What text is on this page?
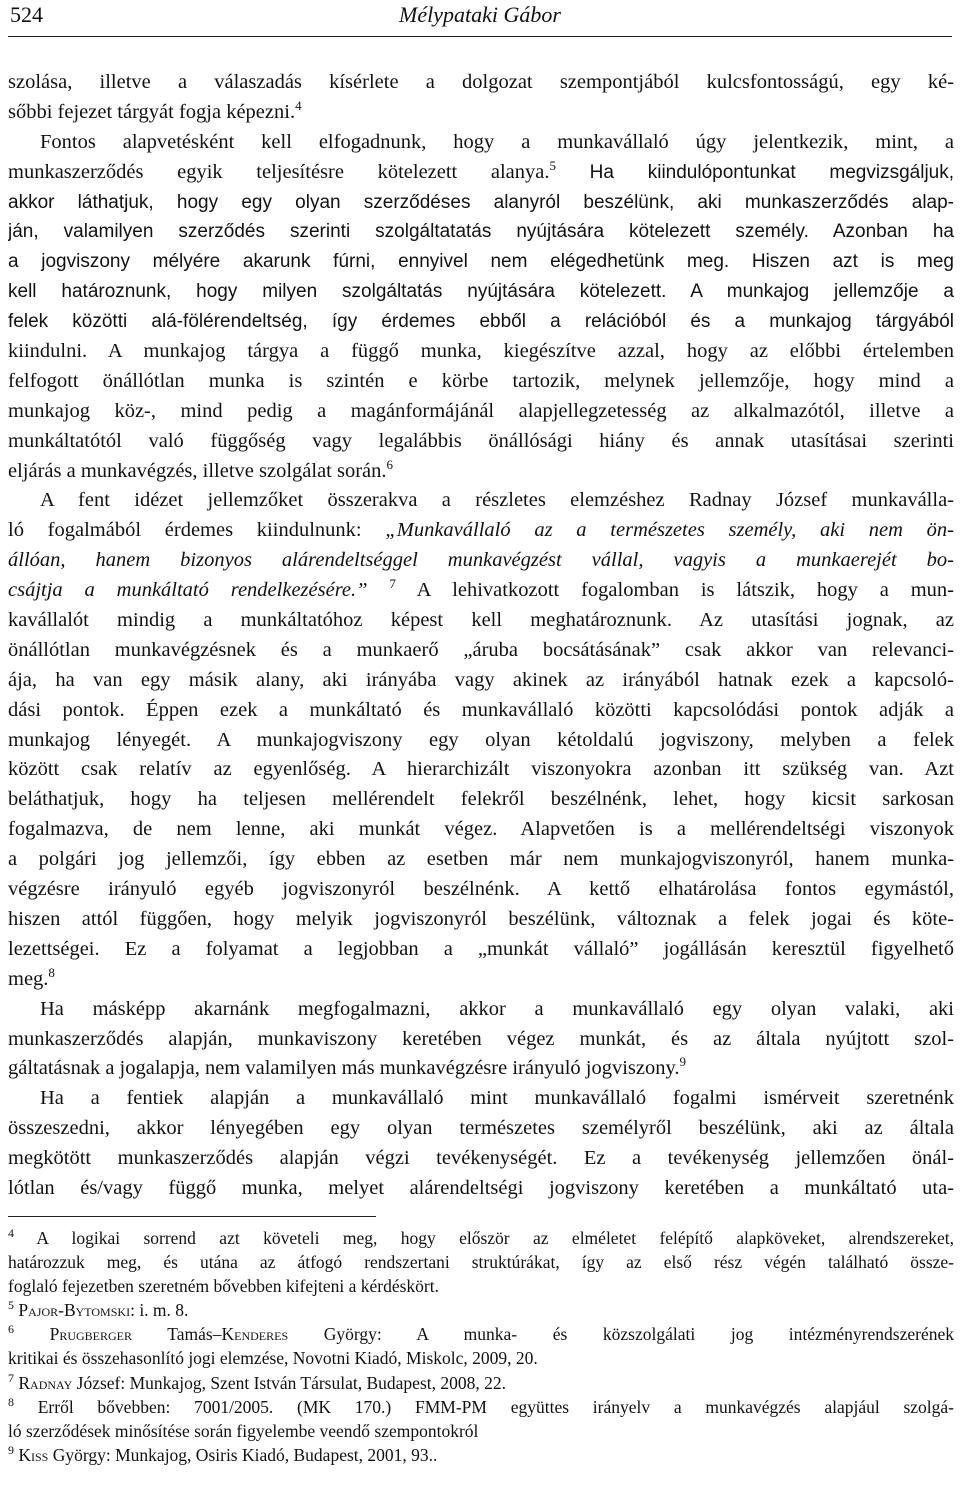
524	Mélypataki Gábor
szolása, illetve a válaszadás kísérlete a dolgozat szempontjából kulcsfontosságú, egy ké-
sőbbi fejezet tárgyát fogja képezni.$^4$
Fontos alapvetésként kell elfogadnunk, hogy a munkavállaló úgy jelentkezik, mint, a
munkaszerződés egyik teljesítésre kötelezett alanya.$^5$ Ha kiindulópontunkat megvizsgáljuk,
akkor láthatjuk, hogy egy olyan szerződéses alanyról beszélünk, aki munkaszerződés alap-
ján, valamilyen szerződés szerinti szolgáltatatás nyújtására kötelezett személy. Azonban ha
a jogviszony mélyére akarunk fúrni, ennyivel nem elégedhetünk meg. Hiszen azt is meg
kell határoznunk, hogy milyen szolgáltatás nyújtására kötelezett. A munkajog jellemzője a
felek közötti alá-fölérendeltség, így érdemes ebből a relációból és a munkajog tárgyából
kiindulni. A munkajog tárgya a függő munka, kiegészítve azzal, hogy az előbbi értelemben
felfogott önállótlan munka is szintén e körbe tartozik, melynek jellemzője, hogy mind a
munkajog köz-, mind pedig a magánformájánál alapjellegzetesség az alkalmazótól, illetve a
munkáltatótól való függőség vagy legalábbis önállósági hiány és annak utasításai szerinti
eljárás a munkavégzés, illetve szolgálat során.$^6$
A fent idézet jellemzőket összerakva a részletes elemzéshez Radnay József munkaválla-
ló fogalmából érdemes kiindulnunk: „Munkavállaló az a természetes személy, aki nem ön-
állóan, hanem bizonyos alárendeltséggel munkavégzést vállal, vagyis a munkaerejét bo-
csájtja a munkáltató rendelkezésére.” $^7$ A lehivatkozott fogalomban is látszik, hogy a mun-
kavállalót mindig a munkáltatóhoz képest kell meghatároznunk. Az utasítási jognak, az
önállótlan munkavégzésnek és a munkaerő „áruba bocsátásának” csak akkor van relevanci-
ája, ha van egy másik alany, aki irányába vagy akinek az irányából hatnak ezek a kapcsoló-
dási pontok. Éppen ezek a munkáltató és munkavállaló közötti kapcsolódási pontok adják a
munkajog lényegét. A munkajogviszony egy olyan kétoldalú jogviszony, melyben a felek
között csak relatív az egyenlőség. A hierarchizált viszonyokra azonban itt szükség van. Azt
beláthatjuk, hogy ha teljesen mellérendelt felekről beszélnénk, lehet, hogy kicsit sarkosan
fogalmazva, de nem lenne, aki munkát végez. Alapvetően is a mellérendeltségi viszonyok
a polgári jog jellemzői, így ebben az esetben már nem munkajogviszonyról, hanem munka-
végzésre irányuló egyéb jogviszonyról beszélnénk. A kettő elhatárolása fontos egymástól,
hiszen attól függően, hogy melyik jogviszonyról beszélünk, változnak a felek jogai és köte-
lezettségei. Ez a folyamat a legjobban a „munkát vállaló” jogállásán keresztül figyelhető
meg.$^8$
Ha másképp akarnánk megfogalmazni, akkor a munkavállaló egy olyan valaki, aki
munkaszerződés alapján, munkaviszony keretében végez munkát, és az általa nyújtott szol-
gáltatásnak a jogalapja, nem valamilyen más munkavégzésre irányuló jogviszony.$^9$
Ha a fentiek alapján a munkavállaló mint munkavállaló fogalmi ismérveit szeretnénk
összeszedni, akkor lényegében egy olyan természetes személyről beszélünk, aki az általa
megkötött munkaszerződés alapján végzi tevékenységét. Ez a tevékenység jellemzően önál-
lótlan és/vagy függő munka, melyet alárendeltségi jogviszony keretében a munkáltató uta-
$^4$ A logikai sorrend azt követeli meg, hogy először az elméletet felépítő alapköveket, alrendszereket,
határozzuk meg, és utána az átfogó rendszertani struktúrákat, így az első rész végén található össze-
foglaló fejezetben szeretném bővebben kifejteni a kérdéskört.
$^5$ Pajor-Bytomski: i. m. 8.
$^6$ Prugberger Tamás–Kenderes György: A munka- és közszolgálati jog intézményrendszerének
kritikai és összehasonlító jogi elemzése, Novotni Kiadó, Miskolc, 2009, 20.
$^7$ Radnay József: Munkajog, Szent István Társulat, Budapest, 2008, 22.
$^8$ Erről bővebben: 7001/2005. (MK 170.) FMM-PM együttes irányelv a munkavégzés alapjául szolgá-
ló szerződések minősítése során figyelembe veendő szempontokról
$^9$ Kiss György: Munkajog, Osiris Kiadó, Budapest, 2001, 93..
